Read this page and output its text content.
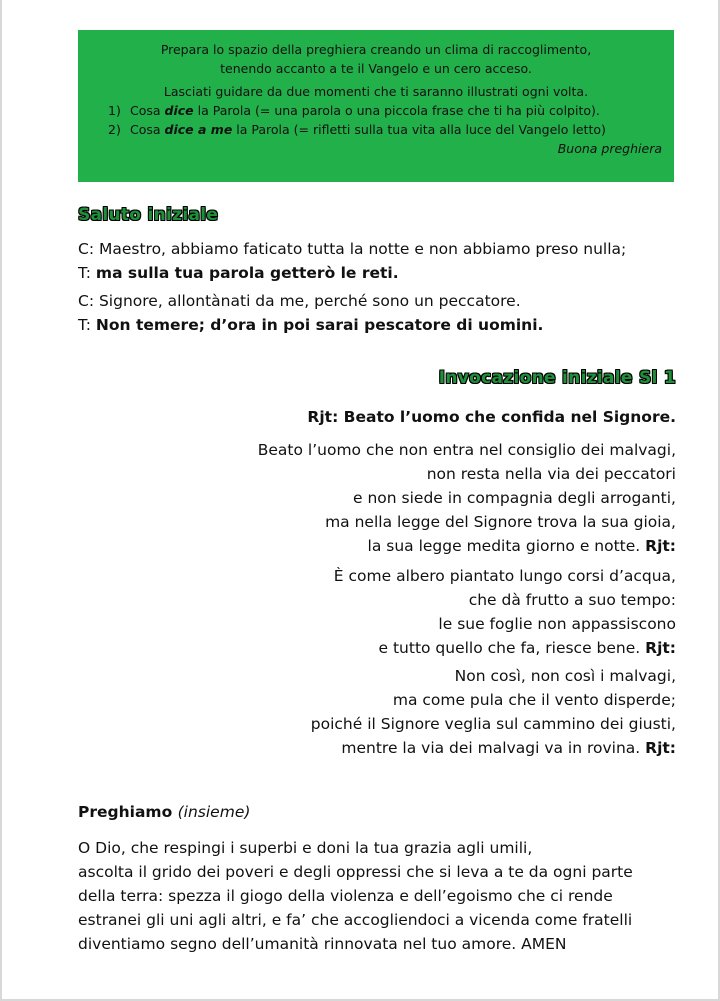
Prepara lo spazio della preghiera creando un clima di raccoglimento,
tenendo accanto a te il Vangelo e un cero acceso.
Lasciati guidare da due momenti che ti saranno illustrati ogni volta.
1) Cosa dice la Parola (= una parola o una piccola frase che ti ha più colpito).
2) Cosa dice a me la Parola (= rifletti sulla tua vita alla luce del Vangelo letto)
Buona preghiera
Saluto iniziale
C: Maestro, abbiamo faticato tutta la notte e non abbiamo preso nulla;
T: ma sulla tua parola getterò le reti.
C: Signore, allontànati da me, perché sono un peccatore.
T: Non temere; d’ora in poi sarai pescatore di uomini.
Invocazione iniziale Sl 1
Rjt: Beato l’uomo che confida nel Signore.
Beato l’uomo che non entra nel consiglio dei malvagi,
non resta nella via dei peccatori
e non siede in compagnia degli arroganti,
ma nella legge del Signore trova la sua gioia,
la sua legge medita giorno e notte. Rjt:
È come albero piantato lungo corsi d’acqua,
che dà frutto a suo tempo:
le sue foglie non appassiscono
e tutto quello che fa, riesce bene. Rjt:
Non così, non così i malvagi,
ma come pula che il vento disperde;
poiché il Signore veglia sul cammino dei giusti,
mentre la via dei malvagi va in rovina. Rjt:
Preghiamo (insieme)
O Dio, che respingi i superbi e doni la tua grazia agli umili,
ascolta il grido dei poveri e degli oppressi che si leva a te da ogni parte
della terra: spezza il giogo della violenza e dell’egoismo che ci rende
estranei gli uni agli altri, e fa’ che accogliendoci a vicenda come fratelli
diventiamo segno dell’umanità rinnovata nel tuo amore. AMEN
